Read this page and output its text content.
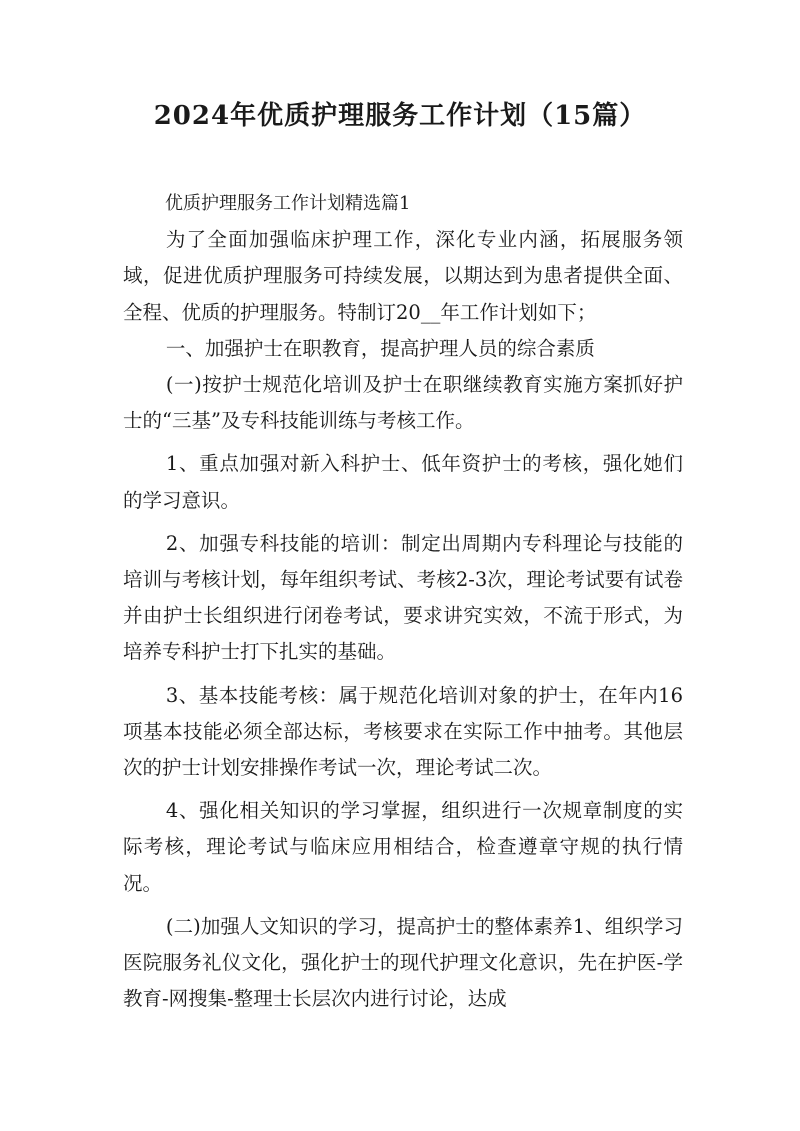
2024年优质护理服务工作计划（15篇）

优质护理服务工作计划精选篇1

为了全面加强临床护理工作，深化专业内涵，拓展服务领域，促进优质护理服务可持续发展，以期达到为患者提供全面、全程、优质的护理服务。特制订20__年工作计划如下；

一、加强护士在职教育，提高护理人员的综合素质

(一)按护士规范化培训及护士在职继续教育实施方案抓好护士的“三基”及专科技能训练与考核工作。

1、重点加强对新入科护士、低年资护士的考核，强化她们的学习意识。

2、加强专科技能的培训：制定出周期内专科理论与技能的培训与考核计划，每年组织考试、考核2-3次，理论考试要有试卷并由护士长组织进行闭卷考试，要求讲究实效，不流于形式，为培养专科护士打下扎实的基础。

3、基本技能考核：属于规范化培训对象的护士，在年内16项基本技能必须全部达标，考核要求在实际工作中抽考。其他层次的护士计划安排操作考试一次，理论考试二次。

4、强化相关知识的学习掌握，组织进行一次规章制度的实际考核，理论考试与临床应用相结合，检查遵章守规的执行情况。

(二)加强人文知识的学习，提高护士的整体素养1、组织学习医院服务礼仪文化，强化护士的现代护理文化意识，先在护医-学教育-网搜集-整理士长层次内进行讨论，达成
